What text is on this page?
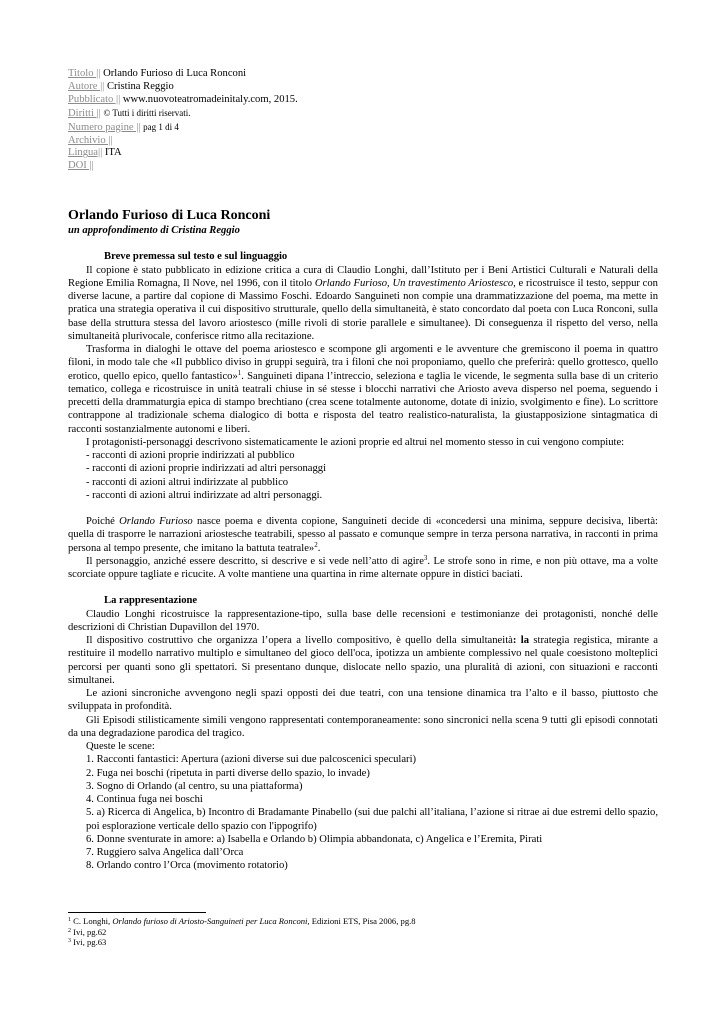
Titolo || Orlando Furioso di Luca Ronconi
Autore || Cristina Reggio
Pubblicato || www.nuovoteatromadeinitaly.com, 2015.
Diritti || © Tutti i diritti riservati.
Numero pagine || pag 1 di 4
Archivio ||
Lingua|| ITA
DOI ||
Orlando Furioso di Luca Ronconi

un approfondimento di Cristina Reggio

Breve premessa sul testo e sul linguaggio

Il copione è stato pubblicato in edizione critica a cura di Claudio Longhi, dall’Istituto per i Beni Artistici Culturali e Naturali della Regione Emilia Romagna, Il Nove, nel 1996, con il titolo Orlando Furioso, Un travestimento Ariostesco, e ricostruisce il testo, seppur con diverse lacune, a partire dal copione di Massimo Foschi. Edoardo Sanguineti non compie una drammatizzazione del poema, ma mette in pratica una strategia operativa il cui dispositivo strutturale, quello della simultaneità, è stato concordato dal poeta con Luca Ronconi, sulla base della struttura stessa del lavoro ariostesco (mille rivoli di storie parallele e simultanee). Di conseguenza il rispetto del verso, nella simultaneità plurivocale, conferisce ritmo alla recitazione.

Trasforma in dialoghi le ottave del poema ariostesco e scompone gli argomenti e le avventure che gremiscono il poema in quattro filoni, in modo tale che «Il pubblico diviso in gruppi seguirà, tra i filoni che noi proponiamo, quello che preferirà: quello grottesco, quello erotico, quello epico, quello fantastico»$^1$. Sanguineti dipana l’intreccio, seleziona e taglia le vicende, le segmenta sulla base di un criterio tematico, collega e ricostruisce in unità teatrali chiuse in sé stesse i blocchi narrativi che Ariosto aveva disperso nel poema, seguendo i precetti della drammaturgia epica di stampo brechtiano (crea scene totalmente autonome, dotate di inizio, svolgimento e fine). Lo scrittore contrappone al tradizionale schema dialogico di botta e risposta del teatro realistico-naturalista, la giustapposizione sintagmatica di racconti sostanzialmente autonomi e liberi.

I protagonisti-personaggi descrivono sistematicamente le azioni proprie ed altrui nel momento stesso in cui vengono compiute:

- racconti di azioni proprie indirizzati al pubblico
- racconti di azioni proprie indirizzati ad altri personaggi
- racconti di azioni altrui indirizzate al pubblico
- racconti di azioni altrui indirizzate ad altri personaggi.

Poiché Orlando Furioso nasce poema e diventa copione, Sanguineti decide di «concedersi una minima, seppure decisiva, libertà: quella di trasporre le narrazioni ariostesche teatrabili, spesso al passato e comunque sempre in terza persona narrativa, in racconti in prima persona al tempo presente, che imitano la battuta teatrale»$^2$.

Il personaggio, anziché essere descritto, si descrive e si vede nell’atto di agire$^3$. Le strofe sono in rime, e non più ottave, ma a volte scorciate oppure tagliate e ricucite. A volte mantiene una quartina in rime alternate oppure in distici baciati.

La rappresentazione

Claudio Longhi ricostruisce la rappresentazione-tipo, sulla base delle recensioni e testimonianze dei protagonisti, nonché delle descrizioni di Christian Dupavillon del 1970.

Il dispositivo costruttivo che organizza l’opera a livello compositivo, è quello della simultaneità: la strategia registica, mirante a restituire il modello narrativo multiplo e simultaneo del gioco dell'oca, ipotizza un ambiente complessivo nel quale coesistono molteplici percorsi per quanti sono gli spettatori. Si presentano dunque, dislocate nello spazio, una pluralità di azioni, con situazioni e racconti simultanei.

Le azioni sincroniche avvengono negli spazi opposti dei due teatri, con una tensione dinamica tra l’alto e il basso, piuttosto che sviluppata in profondità.

Gli Episodi stilisticamente simili vengono rappresentati contemporaneamente: sono sincronici nella scena 9 tutti gli episodi connotati da una degradazione parodica del tragico.

Queste le scene:

1. Racconti fantastici: Apertura (azioni diverse sui due palcoscenici speculari)
2. Fuga nei boschi (ripetuta in parti diverse dello spazio, lo invade)
3. Sogno di Orlando (al centro, su una piattaforma)
4. Continua fuga nei boschi
5. a) Ricerca di Angelica, b) Incontro di Bradamante Pinabello (sui due palchi all’italiana, l’azione si ritrae ai due estremi dello spazio, poi esplorazione verticale dello spazio con l'ippogrifo)
6. Donne sventurate in amore: a) Isabella e Orlando b) Olimpia abbandonata, c) Angelica e l’Eremita, Pirati
7. Ruggiero salva Angelica dall’Orca
8. Orlando contro l’Orca (movimento rotatorio)
$^1$ C. Longhi, Orlando furioso di Ariosto-Sanguineti per Luca Ronconi, Edizioni ETS, Pisa 2006, pg.8
$^2$ Ivi, pg.62
$^3$ Ivi, pg.63
